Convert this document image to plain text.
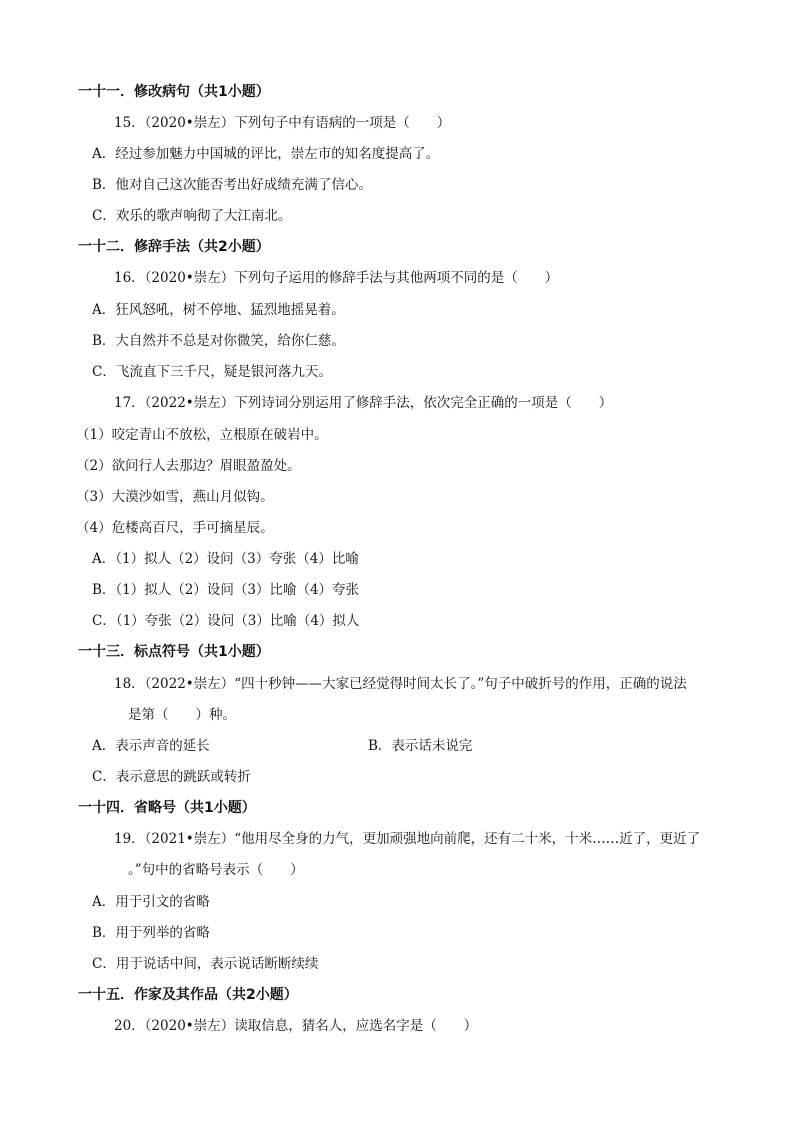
一十一．修改病句（共1小题）
15．（2020•崇左）下列句子中有语病的一项是（　　）
A．经过参加魅力中国城的评比，崇左市的知名度提高了。
B．他对自己这次能否考出好成绩充满了信心。
C．欢乐的歌声响彻了大江南北。
一十二．修辞手法（共2小题）
16．（2020•崇左）下列句子运用的修辞手法与其他两项不同的是（　　）
A．狂风怒吼，树不停地、猛烈地摇晃着。
B．大自然并不总是对你微笑，给你仁慈。
C．飞流直下三千尺，疑是银河落九天。
17．（2022•崇左）下列诗词分别运用了修辞手法，依次完全正确的一项是（　　）
（1）咬定青山不放松，立根原在破岩中。
（2）欲问行人去那边？眉眼盈盈处。
（3）大漠沙如雪，燕山月似钩。
（4）危楼高百尺，手可摘星辰。
A．（1）拟人（2）设问（3）夸张（4）比喻
B．（1）拟人（2）设问（3）比喻（4）夸张
C．（1）夸张（2）设问（3）比喻（4）拟人
一十三．标点符号（共1小题）
18．（2022•崇左）“四十秒钟——大家已经觉得时间太长了。”句子中破折号的作用，正确的说法
是第（　　）种。
A．表示声音的延长	B．表示话未说完
C．表示意思的跳跃或转折
一十四．省略号（共1小题）
19．（2021•崇左）“他用尽全身的力气，更加顽强地向前爬，还有二十米，十米……近了，更近了
。”句中的省略号表示（　　）
A．用于引文的省略
B．用于列举的省略
C．用于说话中间，表示说话断断续续
一十五．作家及其作品（共2小题）
20．（2020•崇左）读取信息，猜名人，应选名字是（　　）
